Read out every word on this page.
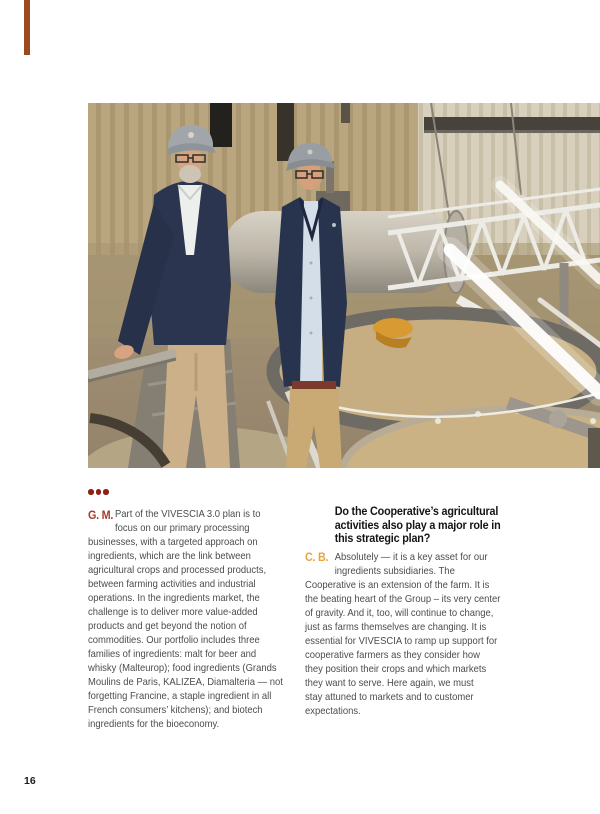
G. M. Part of the VIVESCIA 3.0 plan is to
focus on our primary processing
businesses, with a targeted approach on
ingredients, which are the link between
agricultural crops and processed products,
between farming activities and industrial
operations. In the ingredients market, the
challenge is to deliver more value-added
products and get beyond the notion of
commodities. Our portfolio includes three
families of ingredients: malt for beer and
whisky (Malteurop); food ingredients (Grands
Moulins de Paris, KALIZEA, Diamalteria — not
forgetting Francine, a staple ingredient in all
French consumers’ kitchens); and biotech
ingredients for the bioeconomy.
Do the Cooperative’s agricultural
activities also play a major role in
this strategic plan?
C. B. Absolutely — it is a key asset for our
ingredients subsidiaries. The
Cooperative is an extension of the farm. It is
the beating heart of the Group – its very center
of gravity. And it, too, will continue to change,
just as farms themselves are changing. It is
essential for VIVESCIA to ramp up support for
cooperative farmers as they consider how
they position their crops and which markets
they want to serve. Here again, we must
stay attuned to markets and to customer
expectations.
16
